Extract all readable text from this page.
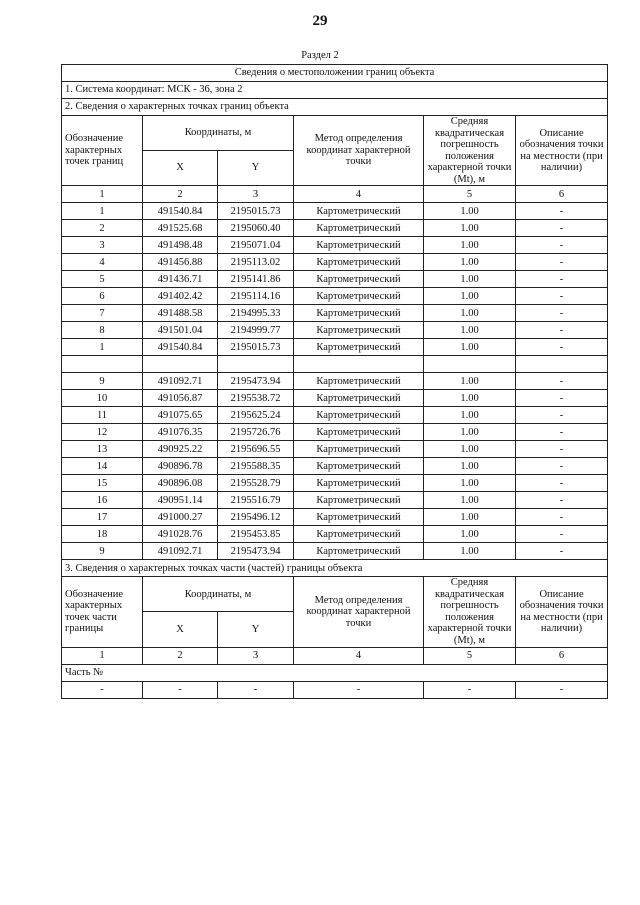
29
Раздел 2
Сведения о местоположении границ объекта					
1. Система координат: МСК - 36, зона 2					
2. Сведения о характерных точках границ объекта					
Обозначение характерных точек границ	Координаты, м		Метод определения координат характерной точки	Средняя квадратическая погрешность положения характерной точки (Mt), м	Описание обозначения точки на местности (при наличии)
	X	Y			
1	2	3	4	5	6
1	491540.84	2195015.73	Картометрический	1.00	-
2	491525.68	2195060.40	Картометрический	1.00	-
3	491498.48	2195071.04	Картометрический	1.00	-
4	491456.88	2195113.02	Картометрический	1.00	-
5	491436.71	2195141.86	Картометрический	1.00	-
6	491402.42	2195114.16	Картометрический	1.00	-
7	491488.58	2194995.33	Картометрический	1.00	-
8	491501.04	2194999.77	Картометрический	1.00	-
1	491540.84	2195015.73	Картометрический	1.00	-

9	491092.71	2195473.94	Картометрический	1.00	-
10	491056.87	2195538.72	Картометрический	1.00	-
11	491075.65	2195625.24	Картометрический	1.00	-
12	491076.35	2195726.76	Картометрический	1.00	-
13	490925.22	2195696.55	Картометрический	1.00	-
14	490896.78	2195588.35	Картометрический	1.00	-
15	490896.08	2195528.79	Картометрический	1.00	-
16	490951.14	2195516.79	Картометрический	1.00	-
17	491000.27	2195496.12	Картометрический	1.00	-
18	491028.76	2195453.85	Картометрический	1.00	-
9	491092.71	2195473.94	Картометрический	1.00	-
3. Сведения о характерных точках части (частей) границы объекта					
Обозначение характерных точек части границы	Координаты, м		Метод определения координат характерной точки	Средняя квадратическая погрешность положения характерной точки (Mt), м	Описание обозначения точки на местности (при наличии)
	X	Y			
1	2	3	4	5	6
Часть №					
-	-	-	-	-	-
